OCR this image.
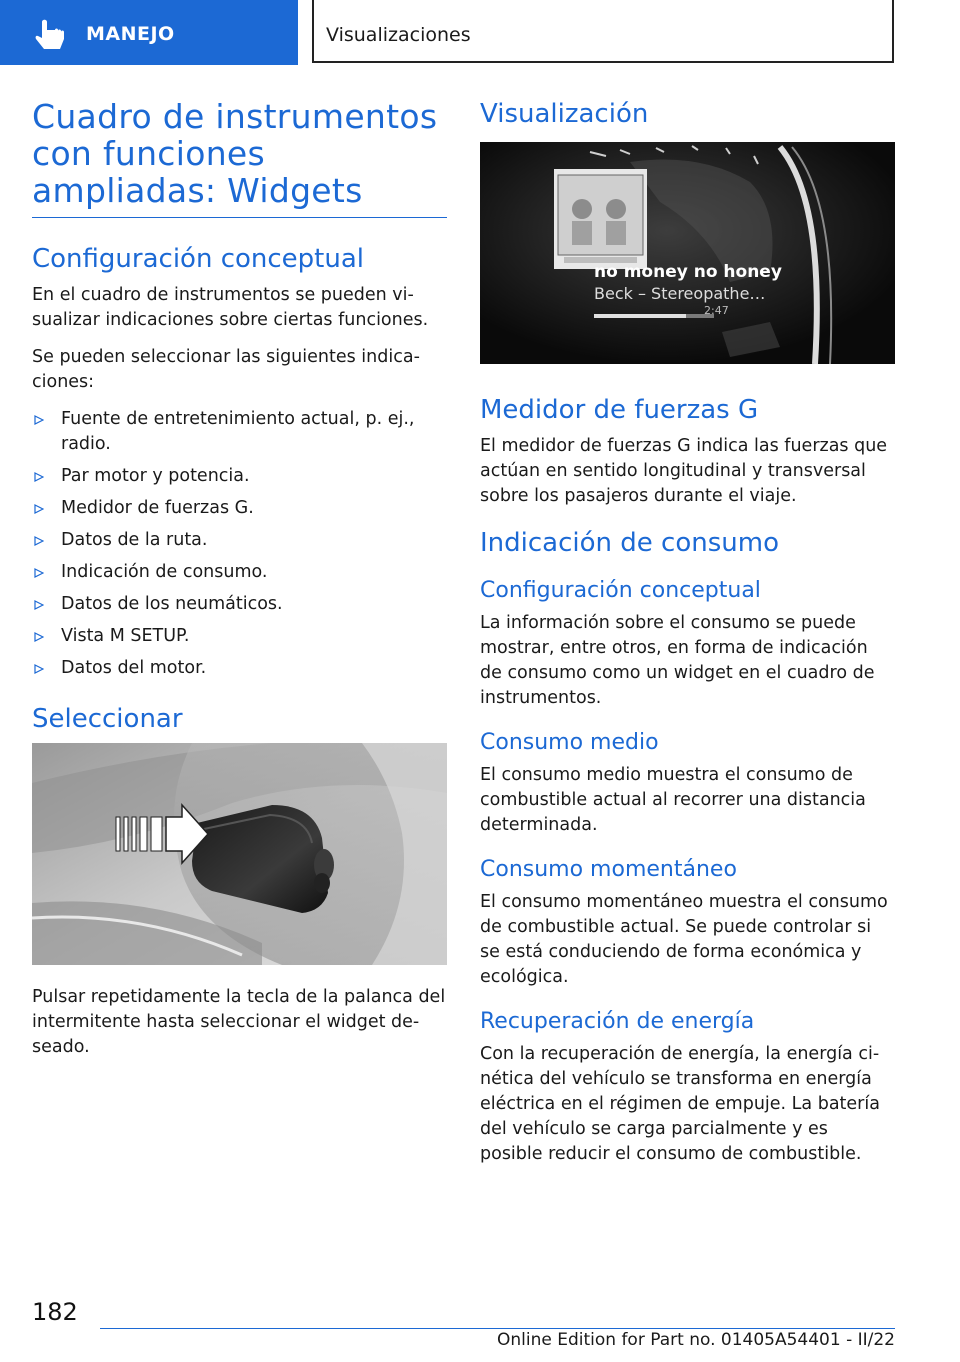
MANEJO	Visualizaciones
Cuadro de instrumentos con funciones ampliadas: Widgets
Configuración conceptual

En el cuadro de instrumentos se pueden visualizar indicaciones sobre ciertas funciones.

Se pueden seleccionar las siguientes indicaciones:

Fuente de entretenimiento actual, p. ej., radio.
Par motor y potencia.
Medidor de fuerzas G.
Datos de la ruta.
Indicación de consumo.
Datos de los neumáticos.
Vista M SETUP.
Datos del motor.
Seleccionar

Pulsar repetidamente la tecla de la palanca del intermitente hasta seleccionar el widget deseado.

Visualización
no money no honey
Beck – Stereopathe…
2:47
Medidor de fuerzas G

El medidor de fuerzas G indica las fuerzas que actúan en sentido longitudinal y transversal sobre los pasajeros durante el viaje.

Indicación de consumo
Configuración conceptual

La información sobre el consumo se puede mostrar, entre otros, en forma de indicación de consumo como un widget en el cuadro de instrumentos.

Consumo medio

El consumo medio muestra el consumo de combustible actual al recorrer una distancia determinada.

Consumo momentáneo

El consumo momentáneo muestra el consumo de combustible actual. Se puede controlar si se está conduciendo de forma económica y ecológica.

Recuperación de energía

Con la recuperación de energía, la energía cinética del vehículo se transforma en energía eléctrica en el régimen de empuje. La batería del vehículo se carga parcialmente y es posible reducir el consumo de combustible.

182
Online Edition for Part no. 01405A54401 - II/22
